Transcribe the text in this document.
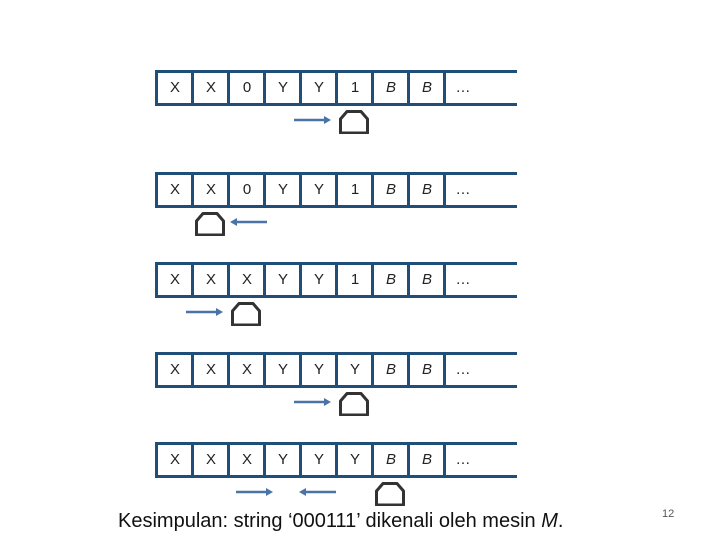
X	X	0	Y	Y	1	B	B	…
X	X	0	Y	Y	1	B	B	…
X	X	X	Y	Y	1	B	B	…
X	X	X	Y	Y	Y	B	B	…
X	X	X	Y	Y	Y	B	B	…
Kesimpulan: string ‘000111’ dikenali oleh mesin M.	12
